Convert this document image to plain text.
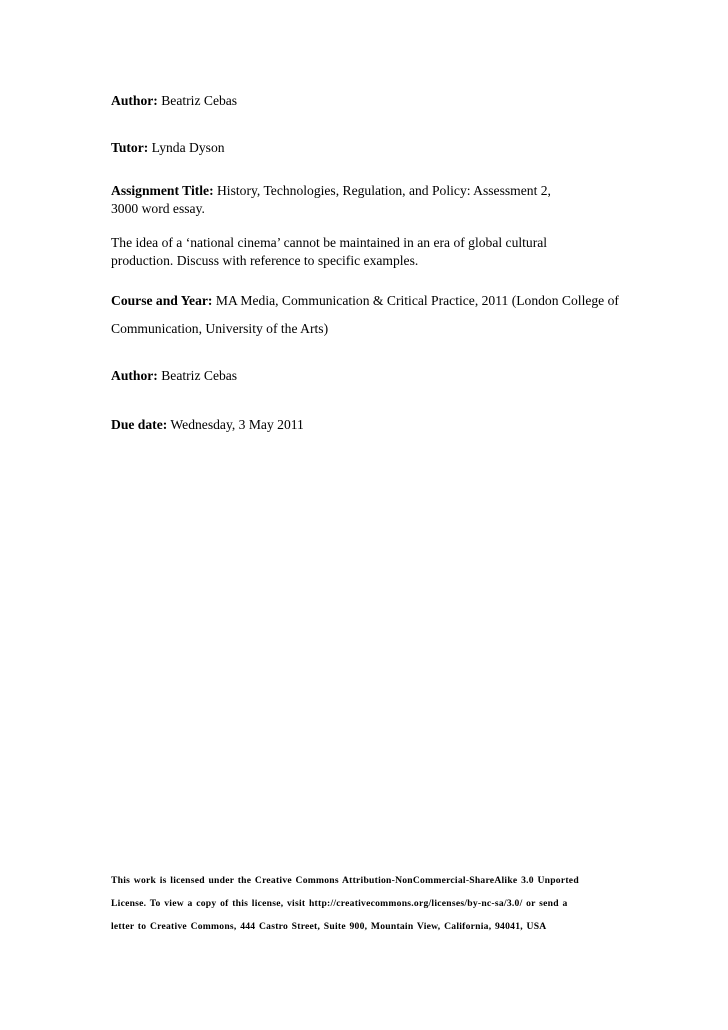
Author: Beatriz Cebas
Tutor: Lynda Dyson
Assignment Title: History, Technologies, Regulation, and Policy: Assessment 2,
3000 word essay.
The idea of a ‘national cinema’ cannot be maintained in an era of global cultural
production. Discuss with reference to specific examples.
Course and Year: MA Media, Communication & Critical Practice, 2011 (London College of
Communication, University of the Arts)
Author: Beatriz Cebas
Due date: Wednesday, 3 May 2011
This work is licensed under the Creative Commons Attribution-NonCommercial-ShareAlike 3.0 Unported
License. To view a copy of this license, visit http://creativecommons.org/licenses/by-nc-sa/3.0/ or send a
letter to Creative Commons, 444 Castro Street, Suite 900, Mountain View, California, 94041, USA
